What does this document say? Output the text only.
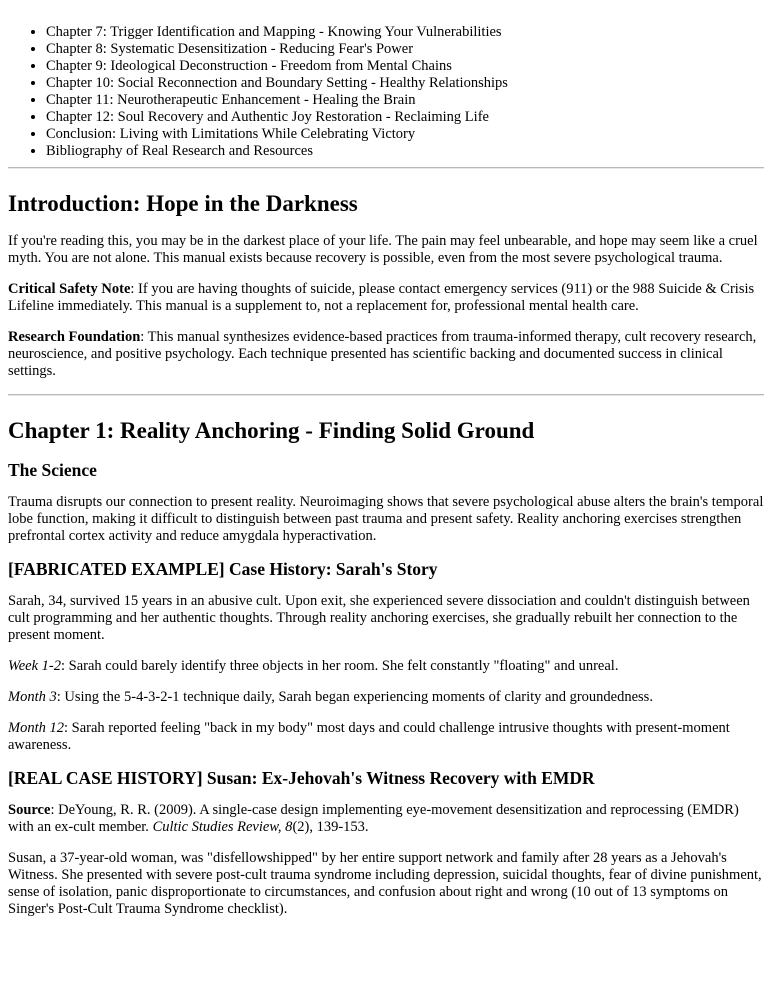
• Chapter 7: Trigger Identification and Mapping - Knowing Your Vulnerabilities
• Chapter 8: Systematic Desensitization - Reducing Fear's Power
• Chapter 9: Ideological Deconstruction - Freedom from Mental Chains
• Chapter 10: Social Reconnection and Boundary Setting - Healthy Relationships
• Chapter 11: Neurotherapeutic Enhancement - Healing the Brain
• Chapter 12: Soul Recovery and Authentic Joy Restoration - Reclaiming Life
• Conclusion: Living with Limitations While Celebrating Victory
• Bibliography of Real Research and Resources
Introduction: Hope in the Darkness

If you're reading this, you may be in the darkest place of your life. The pain may feel unbearable, and hope may seem like a cruel myth. You are not alone. This manual exists because recovery is possible, even from the most severe psychological trauma.

Critical Safety Note: If you are having thoughts of suicide, please contact emergency services (911) or the 988 Suicide & Crisis Lifeline immediately. This manual is a supplement to, not a replacement for, professional mental health care.

Research Foundation: This manual synthesizes evidence-based practices from trauma-informed therapy, cult recovery research, neuroscience, and positive psychology. Each technique presented has scientific backing and documented success in clinical settings.

Chapter 1: Reality Anchoring - Finding Solid Ground
The Science

Trauma disrupts our connection to present reality. Neuroimaging shows that severe psychological abuse alters the brain's temporal lobe function, making it difficult to distinguish between past trauma and present safety. Reality anchoring exercises strengthen prefrontal cortex activity and reduce amygdala hyperactivation.

[FABRICATED EXAMPLE] Case History: Sarah's Story

Sarah, 34, survived 15 years in an abusive cult. Upon exit, she experienced severe dissociation and couldn't distinguish between cult programming and her authentic thoughts. Through reality anchoring exercises, she gradually rebuilt her connection to the present moment.

Week 1-2: Sarah could barely identify three objects in her room. She felt constantly "floating" and unreal.

Month 3: Using the 5-4-3-2-1 technique daily, Sarah began experiencing moments of clarity and groundedness.

Month 12: Sarah reported feeling "back in my body" most days and could challenge intrusive thoughts with present-moment awareness.

[REAL CASE HISTORY] Susan: Ex-Jehovah's Witness Recovery with EMDR

Source: DeYoung, R. R. (2009). A single-case design implementing eye-movement desensitization and reprocessing (EMDR) with an ex-cult member. Cultic Studies Review, 8(2), 139-153.

Susan, a 37-year-old woman, was "disfellowshipped" by her entire support network and family after 28 years as a Jehovah's Witness. She presented with severe post-cult trauma syndrome including depression, suicidal thoughts, fear of divine punishment, sense of isolation, panic disproportionate to circumstances, and confusion about right and wrong (10 out of 13 symptoms on Singer's Post-Cult Trauma Syndrome checklist).
